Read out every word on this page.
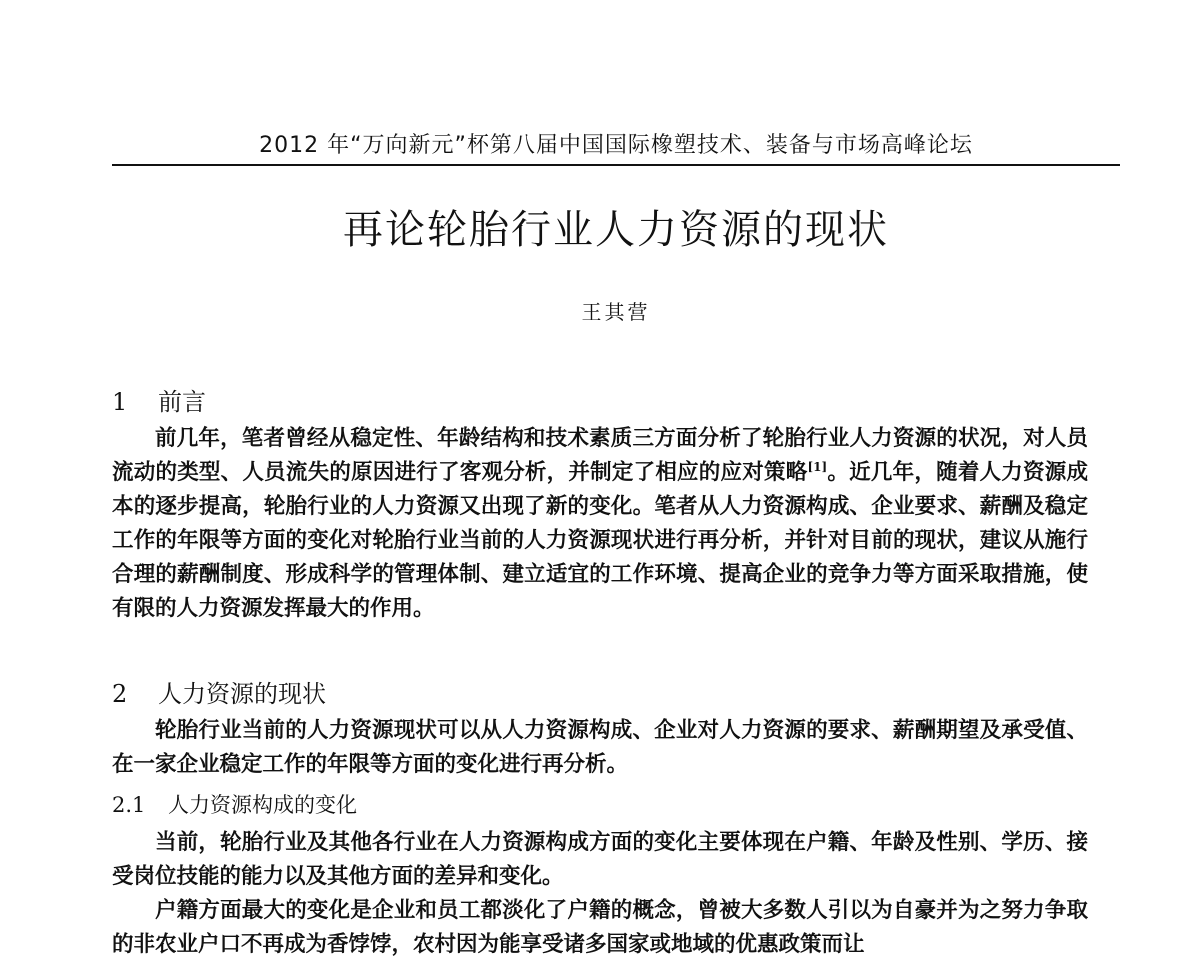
2012 年“万向新元”杯第八届中国国际橡塑技术、装备与市场高峰论坛
再论轮胎行业人力资源的现状
王其营
1 前言

前几年，笔者曾经从稳定性、年龄结构和技术素质三方面分析了轮胎行业人力资源的状况，对人员流动的类型、人员流失的原因进行了客观分析，并制定了相应的应对策略[1]。近几年，随着人力资源成本的逐步提高，轮胎行业的人力资源又出现了新的变化。笔者从人力资源构成、企业要求、薪酬及稳定工作的年限等方面的变化对轮胎行业当前的人力资源现状进行再分析，并针对目前的现状，建议从施行合理的薪酬制度、形成科学的管理体制、建立适宜的工作环境、提高企业的竞争力等方面采取措施，使有限的人力资源发挥最大的作用。

2 人力资源的现状

轮胎行业当前的人力资源现状可以从人力资源构成、企业对人力资源的要求、薪酬期望及承受值、在一家企业稳定工作的年限等方面的变化进行再分析。

2.1 人力资源构成的变化

当前，轮胎行业及其他各行业在人力资源构成方面的变化主要体现在户籍、年龄及性别、学历、接受岗位技能的能力以及其他方面的差异和变化。

户籍方面最大的变化是企业和员工都淡化了户籍的概念，曾被大多数人引以为自豪并为之努力争取的非农业户口不再成为香饽饽，农村因为能享受诸多国家或地域的优惠政策而让
